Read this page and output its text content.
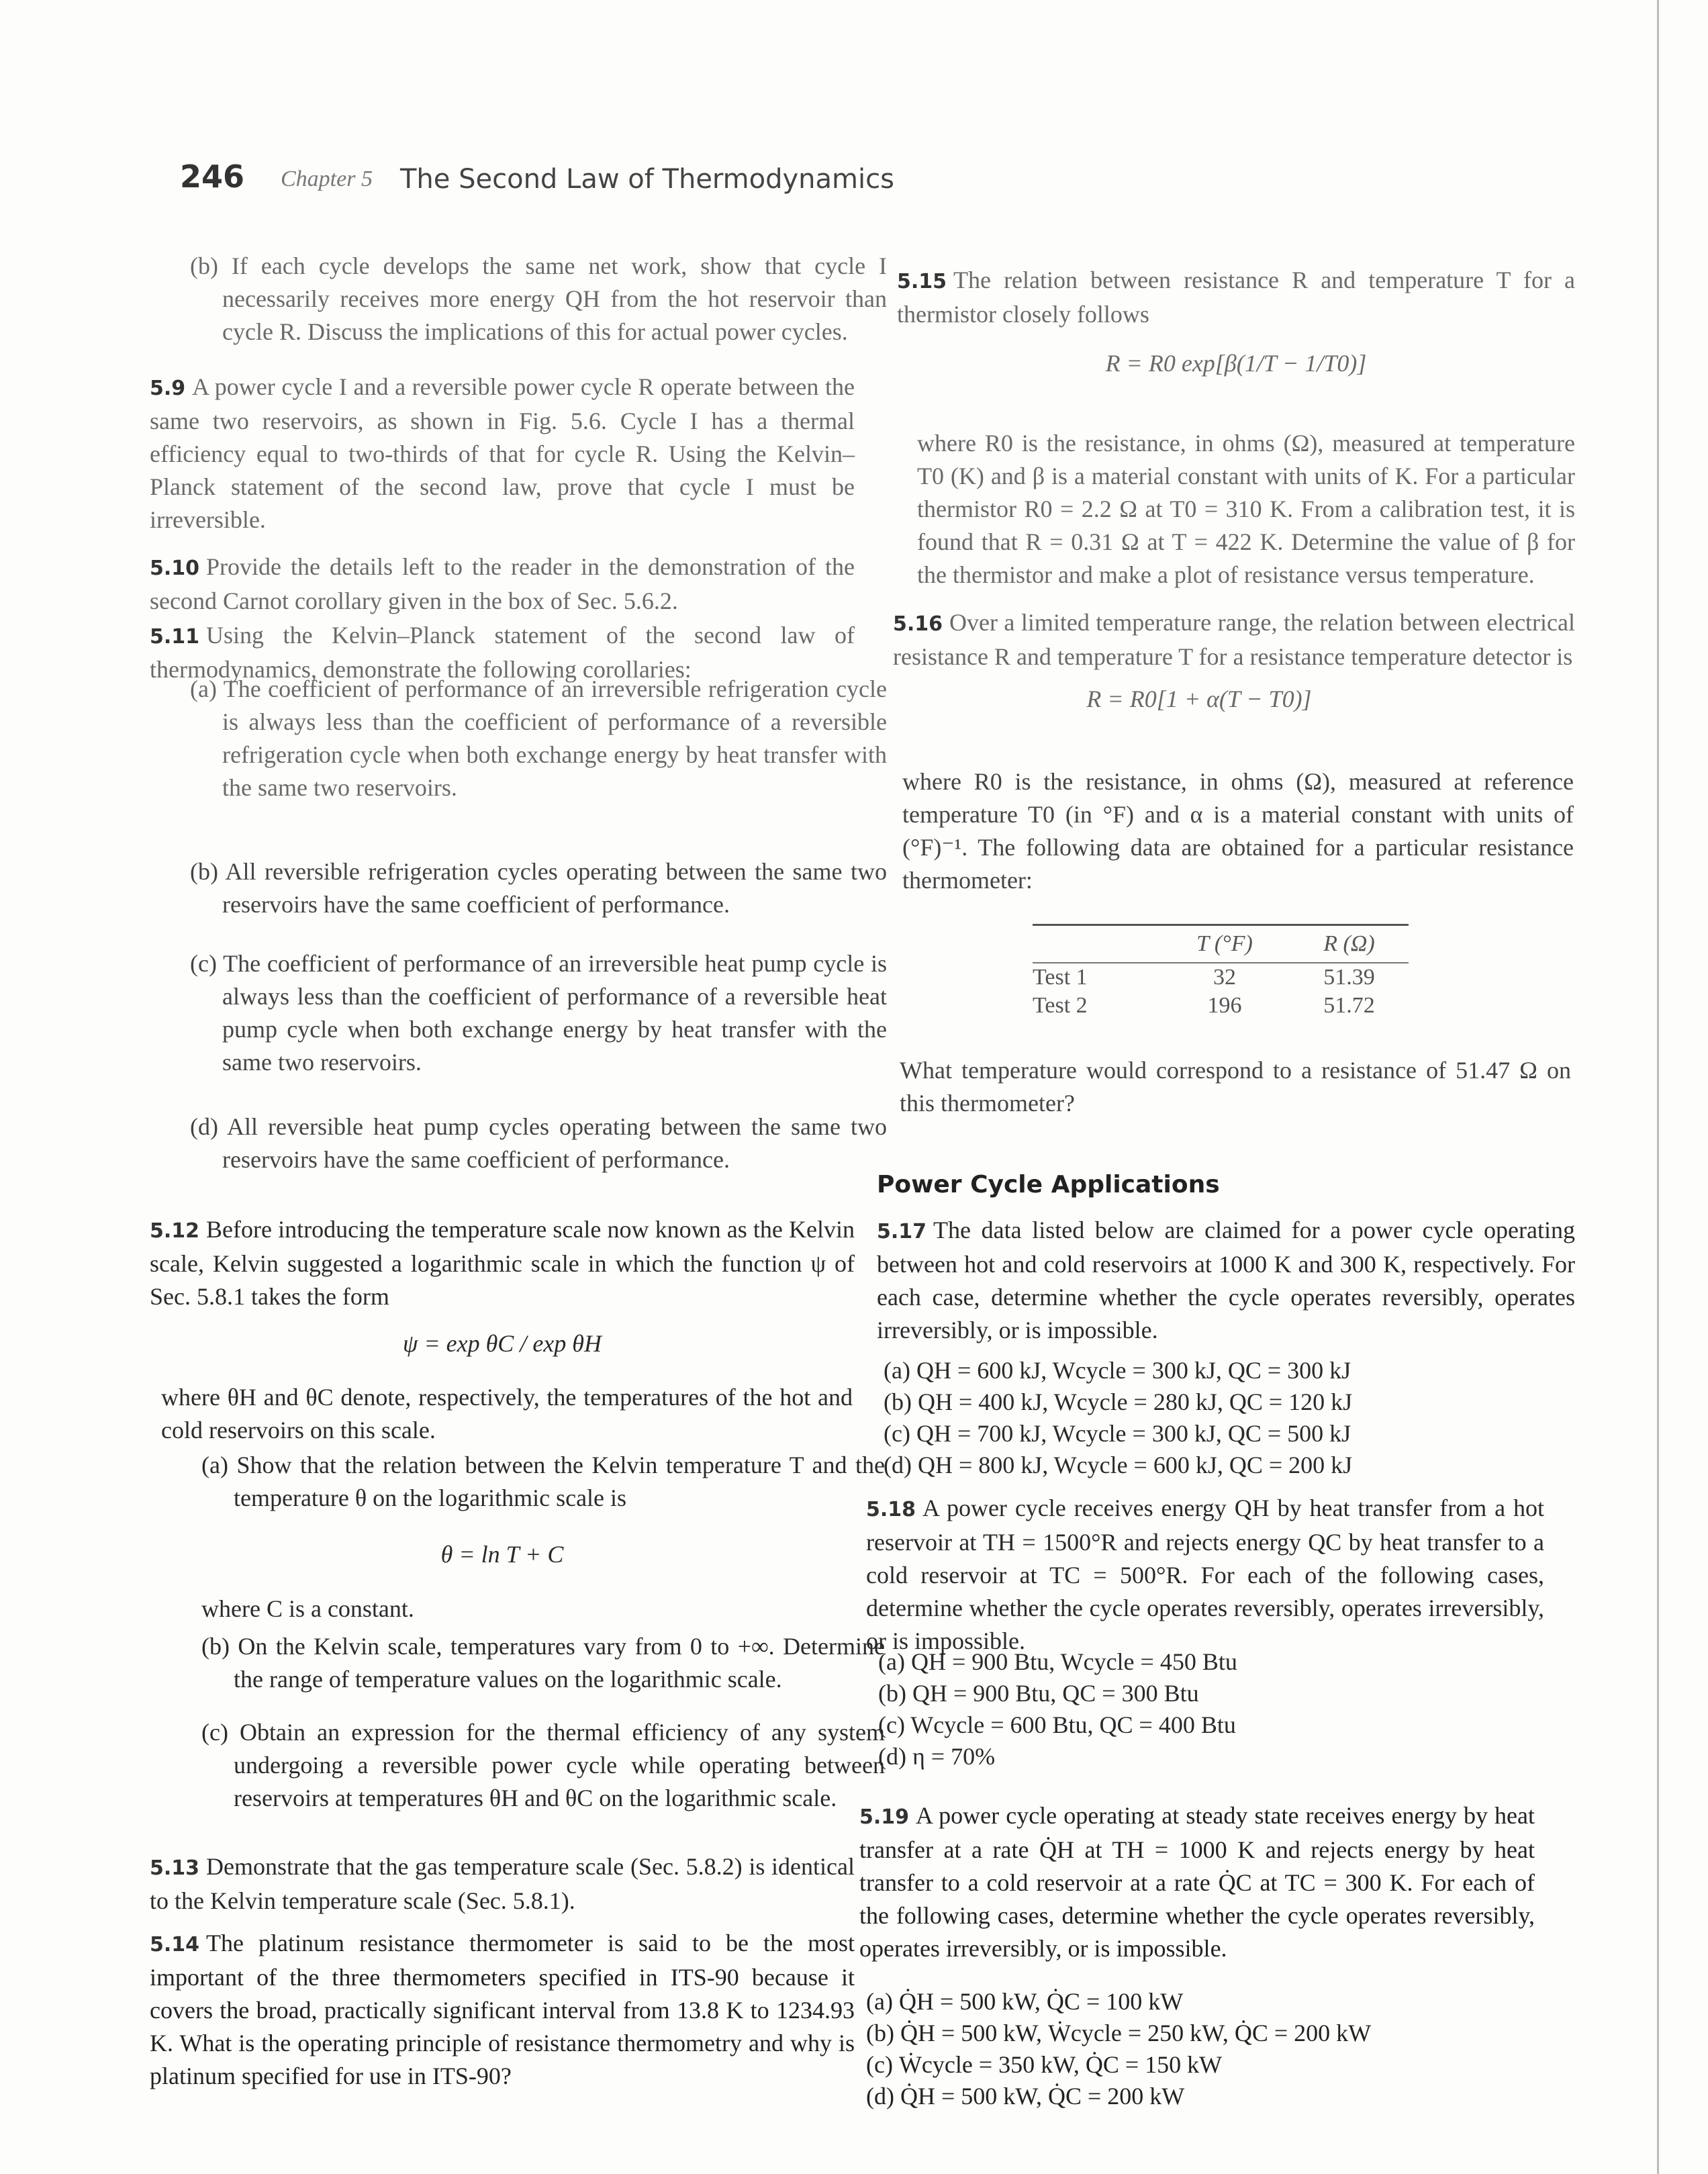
246 Chapter 5 The Second Law of Thermodynamics
(b) If each cycle develops the same net work, show that cycle I necessarily receives more energy QH from the hot reservoir than cycle R. Discuss the implications of this for actual power cycles.
5.9 A power cycle I and a reversible power cycle R operate between the same two reservoirs, as shown in Fig. 5.6. Cycle I has a thermal efficiency equal to two-thirds of that for cycle R. Using the Kelvin–Planck statement of the second law, prove that cycle I must be irreversible.
5.10 Provide the details left to the reader in the demonstration of the second Carnot corollary given in the box of Sec. 5.6.2.
5.11 Using the Kelvin–Planck statement of the second law of thermodynamics, demonstrate the following corollaries:
(a) The coefficient of performance of an irreversible refrigeration cycle is always less than the coefficient of performance of a reversible refrigeration cycle when both exchange energy by heat transfer with the same two reservoirs.
(b) All reversible refrigeration cycles operating between the same two reservoirs have the same coefficient of performance.
(c) The coefficient of performance of an irreversible heat pump cycle is always less than the coefficient of performance of a reversible heat pump cycle when both exchange energy by heat transfer with the same two reservoirs.
(d) All reversible heat pump cycles operating between the same two reservoirs have the same coefficient of performance.
5.12 Before introducing the temperature scale now known as the Kelvin scale, Kelvin suggested a logarithmic scale in which the function ψ of Sec. 5.8.1 takes the form
ψ = exp θC / exp θH
where θH and θC denote, respectively, the temperatures of the hot and cold reservoirs on this scale.
(a) Show that the relation between the Kelvin temperature T and the temperature θ on the logarithmic scale is
θ = ln T + C
where C is a constant.
(b) On the Kelvin scale, temperatures vary from 0 to +∞. Determine the range of temperature values on the logarithmic scale.
(c) Obtain an expression for the thermal efficiency of any system undergoing a reversible power cycle while operating between reservoirs at temperatures θH and θC on the logarithmic scale.
5.13 Demonstrate that the gas temperature scale (Sec. 5.8.2) is identical to the Kelvin temperature scale (Sec. 5.8.1).
5.14 The platinum resistance thermometer is said to be the most important of the three thermometers specified in ITS-90 because it covers the broad, practically significant interval from 13.8 K to 1234.93 K. What is the operating principle of resistance thermometry and why is platinum specified for use in ITS-90?
5.15 The relation between resistance R and temperature T for a thermistor closely follows
R = R0 exp[β(1/T − 1/T0)]
where R0 is the resistance, in ohms (Ω), measured at temperature T0 (K) and β is a material constant with units of K. For a particular thermistor R0 = 2.2 Ω at T0 = 310 K. From a calibration test, it is found that R = 0.31 Ω at T = 422 K. Determine the value of β for the thermistor and make a plot of resistance versus temperature.
5.16 Over a limited temperature range, the relation between electrical resistance R and temperature T for a resistance temperature detector is
R = R0[1 + α(T − T0)]
where R0 is the resistance, in ohms (Ω), measured at reference temperature T0 (in °F) and α is a material constant with units of (°F)⁻¹. The following data are obtained for a particular resistance thermometer:
	T (°F)	R (Ω)
Test 1	32	51.39
Test 2	196	51.72
What temperature would correspond to a resistance of 51.47 Ω on this thermometer?
Power Cycle Applications
5.17 The data listed below are claimed for a power cycle operating between hot and cold reservoirs at 1000 K and 300 K, respectively. For each case, determine whether the cycle operates reversibly, operates irreversibly, or is impossible.
(a) QH = 600 kJ, Wcycle = 300 kJ, QC = 300 kJ
(b) QH = 400 kJ, Wcycle = 280 kJ, QC = 120 kJ
(c) QH = 700 kJ, Wcycle = 300 kJ, QC = 500 kJ
(d) QH = 800 kJ, Wcycle = 600 kJ, QC = 200 kJ
5.18 A power cycle receives energy QH by heat transfer from a hot reservoir at TH = 1500°R and rejects energy QC by heat transfer to a cold reservoir at TC = 500°R. For each of the following cases, determine whether the cycle operates reversibly, operates irreversibly, or is impossible.
(a) QH = 900 Btu, Wcycle = 450 Btu
(b) QH = 900 Btu, QC = 300 Btu
(c) Wcycle = 600 Btu, QC = 400 Btu
(d) η = 70%
5.19 A power cycle operating at steady state receives energy by heat transfer at a rate Q̇H at TH = 1000 K and rejects energy by heat transfer to a cold reservoir at a rate Q̇C at TC = 300 K. For each of the following cases, determine whether the cycle operates reversibly, operates irreversibly, or is impossible.
(a) Q̇H = 500 kW, Q̇C = 100 kW
(b) Q̇H = 500 kW, Ẇcycle = 250 kW, Q̇C = 200 kW
(c) Ẇcycle = 350 kW, Q̇C = 150 kW
(d) Q̇H = 500 kW, Q̇C = 200 kW
